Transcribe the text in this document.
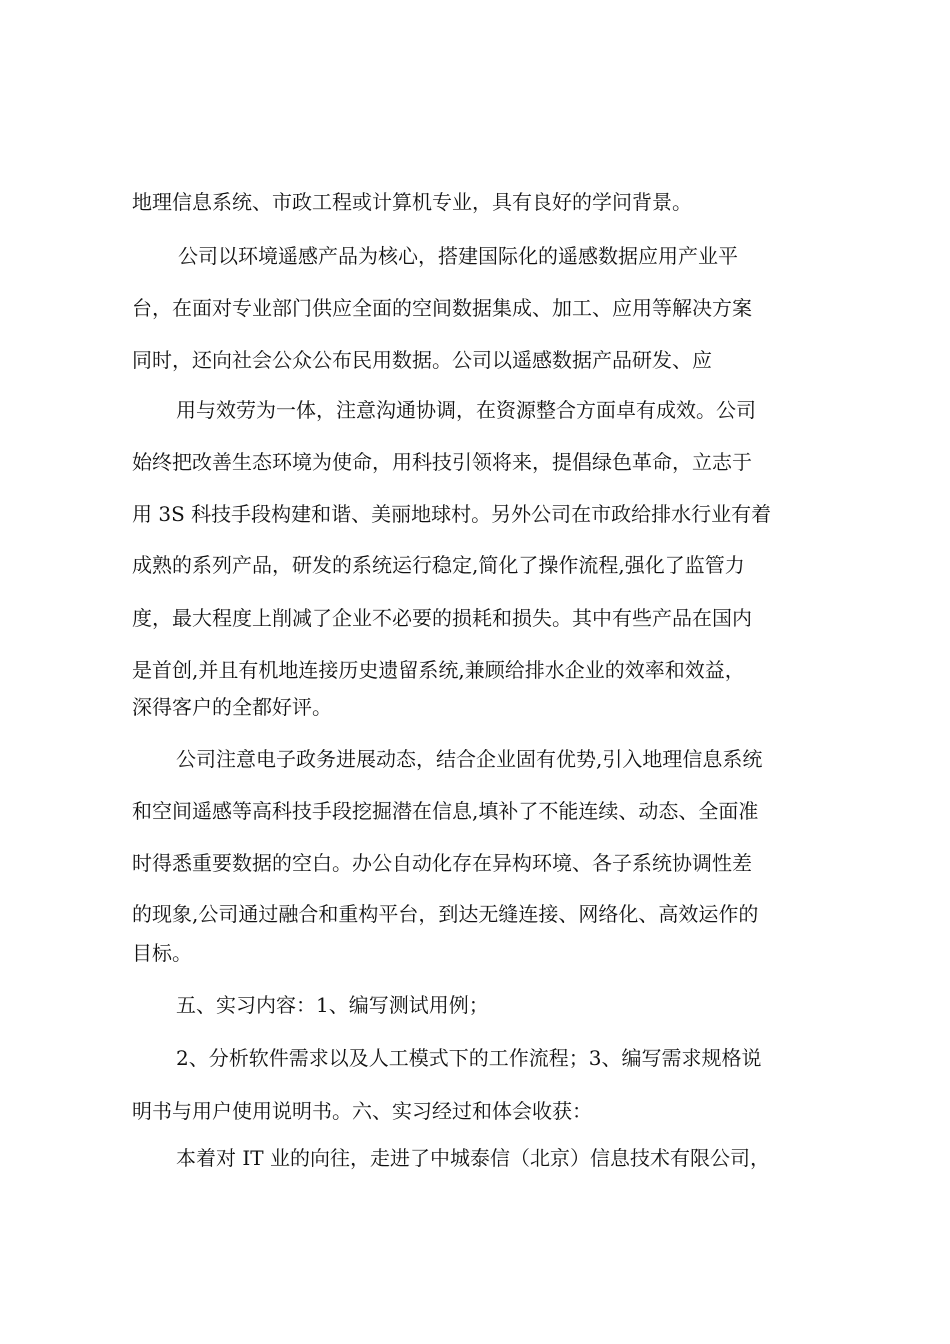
地理信息系统、市政工程或计算机专业，具有良好的学问背景。
公司以环境遥感产品为核心，搭建国际化的遥感数据应用产业平
台，在面对专业部门供应全面的空间数据集成、加工、应用等解决方案
同时，还向社会公众公布民用数据。公司以遥感数据产品研发、应
用与效劳为一体，注意沟通协调，在资源整合方面卓有成效。公司
始终把改善生态环境为使命，用科技引领将来，提倡绿色革命，立志于
用 3S 科技手段构建和谐、美丽地球村。另外公司在市政给排水行业有着
成熟的系列产品，研发的系统运行稳定,简化了操作流程,强化了监管力
度，最大程度上削减了企业不必要的损耗和损失。其中有些产品在国内
是首创,并且有机地连接历史遗留系统,兼顾给排水企业的效率和效益，
深得客户的全都好评。
公司注意电子政务进展动态，结合企业固有优势,引入地理信息系统
和空间遥感等高科技手段挖掘潜在信息,填补了不能连续、动态、全面准
时得悉重要数据的空白。办公自动化存在异构环境、各子系统协调性差
的现象,公司通过融合和重构平台，到达无缝连接、网络化、高效运作的
目标。
五、实习内容：1、编写测试用例；
2、分析软件需求以及人工模式下的工作流程；3、编写需求规格说
明书与用户使用说明书。六、实习经过和体会收获：
本着对 IT 业的向往，走进了中城泰信（北京）信息技术有限公司，
